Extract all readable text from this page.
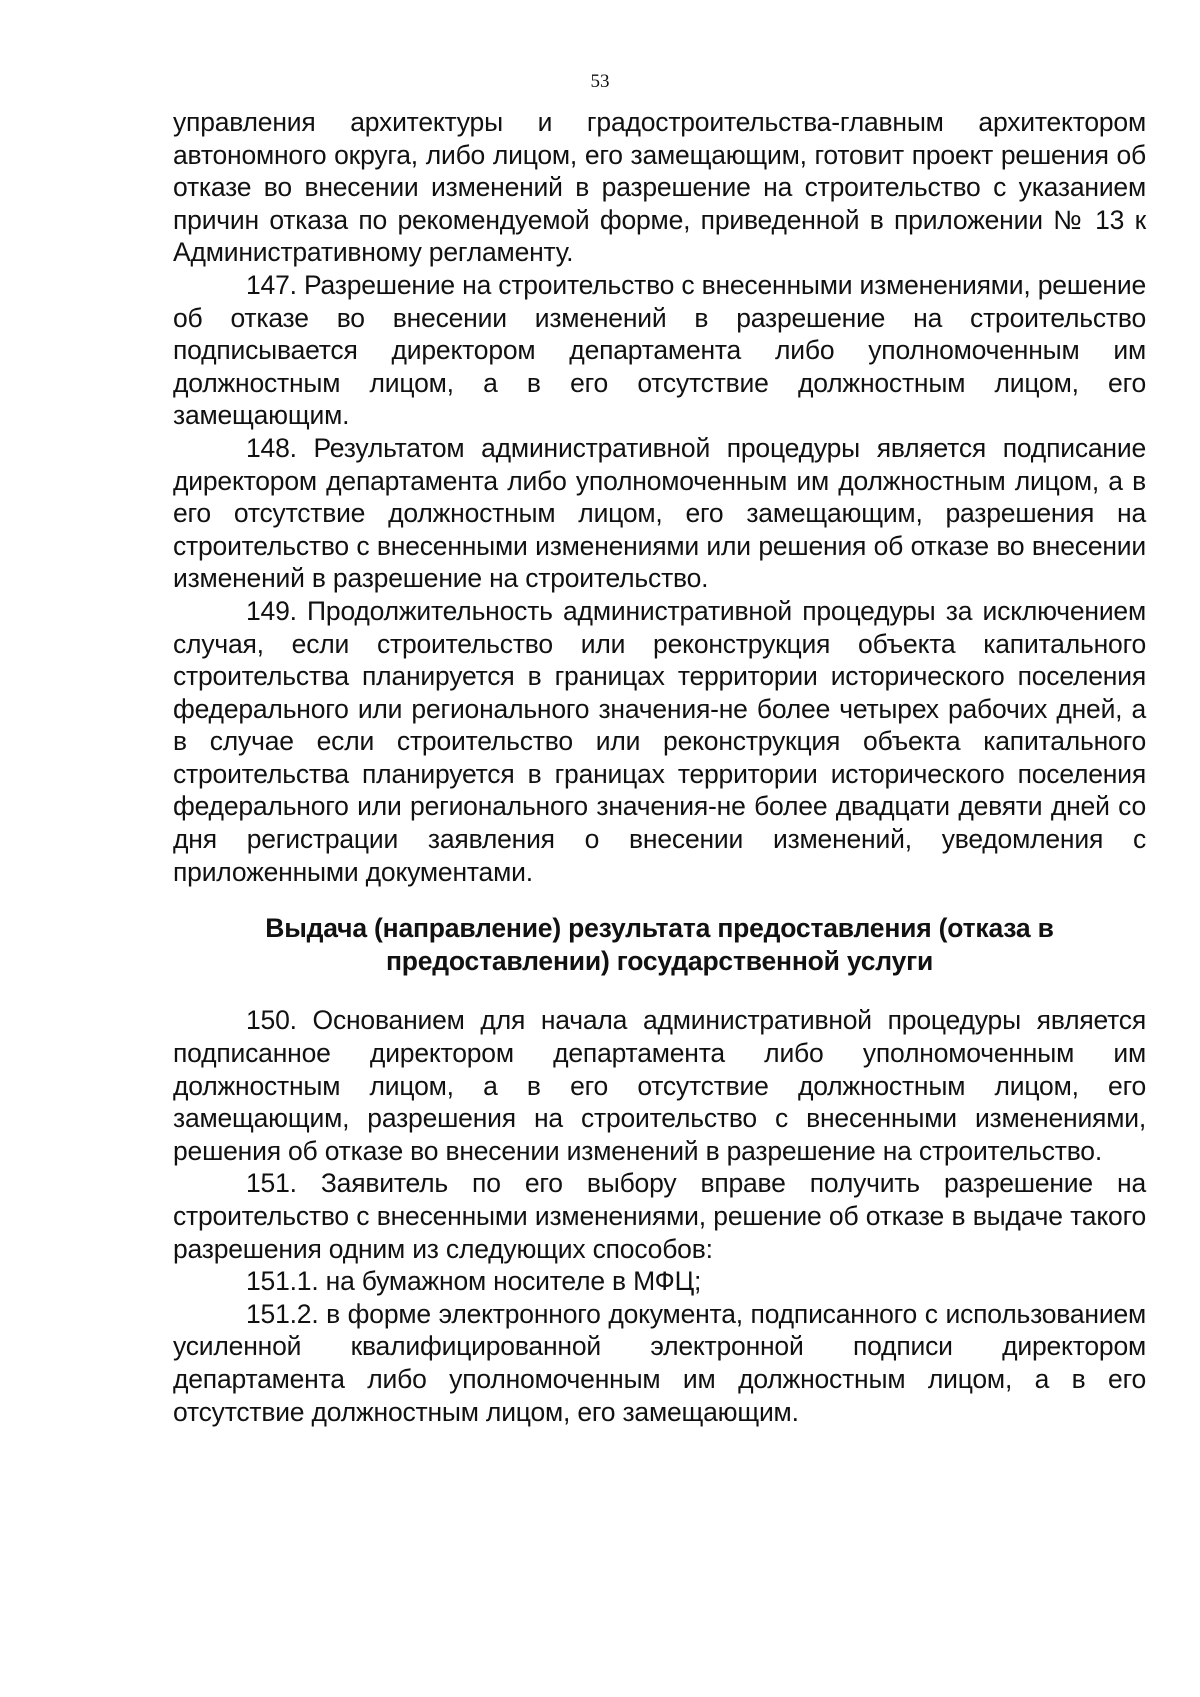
53

управления архитектуры и градостроительства-главным архитектором автономного округа, либо лицом, его замещающим, готовит проект решения об отказе во внесении изменений в разрешение на строительство с указанием причин отказа по рекомендуемой форме, приведенной в приложении № 13 к Административному регламенту.

147. Разрешение на строительство с внесенными изменениями, решение об отказе во внесении изменений в разрешение на строительство подписывается директором департамента либо уполномоченным им должностным лицом, а в его отсутствие должностным лицом, его замещающим.

148. Результатом административной процедуры является подписание директором департамента либо уполномоченным им должностным лицом, а в его отсутствие должностным лицом, его замещающим, разрешения на строительство с внесенными изменениями или решения об отказе во внесении изменений в разрешение на строительство.

149. Продолжительность административной процедуры за исключением случая, если строительство или реконструкция объекта капитального строительства планируется в границах территории исторического поселения федерального или регионального значения-не более четырех рабочих дней, а в случае если строительство или реконструкция объекта капитального строительства планируется в границах территории исторического поселения федерального или регионального значения-не более двадцати девяти дней со дня регистрации заявления о внесении изменений, уведомления с приложенными документами.

Выдача (направление) результата предоставления (отказа в предоставлении) государственной услуги

150. Основанием для начала административной процедуры является подписанное директором департамента либо уполномоченным им должностным лицом, а в его отсутствие должностным лицом, его замещающим, разрешения на строительство с внесенными изменениями, решения об отказе во внесении изменений в разрешение на строительство.

151. Заявитель по его выбору вправе получить разрешение на строительство с внесенными изменениями, решение об отказе в выдаче такого разрешения одним из следующих способов:

151.1. на бумажном носителе в МФЦ;

151.2. в форме электронного документа, подписанного с использованием усиленной квалифицированной электронной подписи директором департамента либо уполномоченным им должностным лицом, а в его отсутствие должностным лицом, его замещающим.
